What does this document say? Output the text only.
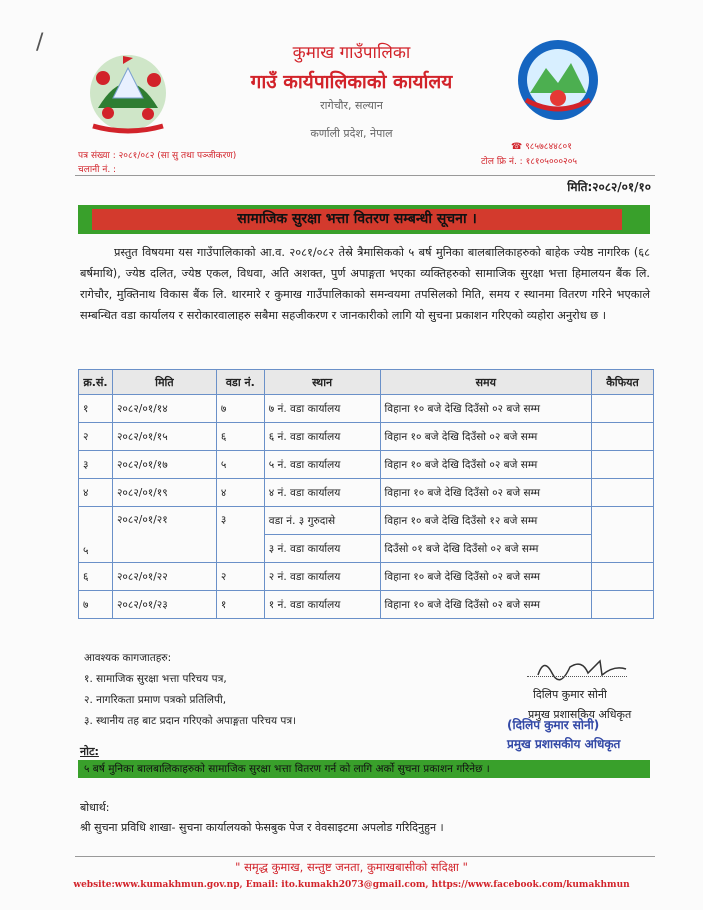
/	कुमाख गाउँपालिका
गाउँ कार्यपालिकाको कार्यालय
रागेचौर, सल्यान
कर्णाली प्रदेश, नेपाल
☎ ९८५७८४४८०१
टोल फ्रि नं. : १८१०५०००२०५
पत्र संख्या : २०८१/०८२ (सा सु तथा पञ्जीकरण)
चलानी नं. :
मिति:२०८२/०१/१०
सामाजिक सुरक्षा भत्ता वितरण सम्बन्धी सूचना ।
प्रस्तुत विषयमा यस गाउँपालिकाको आ.व. २०८१/०८२ तेस्रे त्रैमासिकको ५ बर्ष मुनिका बालबालिकाहरुको बाहेक ज्येष्ठ नागरिक (६८ बर्षमाथि), ज्येष्ठ दलित, ज्येष्ठ एकल, विधवा, अति अशक्त, पुर्ण अपाङ्गता भएका व्यक्तिहरुको सामाजिक सुरक्षा भत्ता हिमालयन बैंक लि. रागेचौर, मुक्तिनाथ विकास बैंक लि. थारमारे र कुमाख गाउँपालिकाको समन्वयमा तपसिलको मिति, समय र स्थानमा वितरण गरिने भएकाले सम्बन्धित वडा कार्यालय र सरोकारवालाहरु सबैमा सहजीकरण र जानकारीको लागि यो सुचना प्रकाशन गरिएको व्यहोरा अनुरोध छ ।
क्र.सं.	मिति	वडा नं.	स्थान	समय	कैफियत
१	२०८२/०१/१४	७	७ नं. वडा कार्यालय	विहाना १० बजे देखि दिउँसो ०२ बजे सम्म	
२	२०८२/०१/१५	६	६ नं. वडा कार्यालय	विहान १० बजे देखि दिउँसो ०२ बजे सम्म	
३	२०८२/०१/१७	५	५ नं. वडा कार्यालय	विहान १० बजे देखि दिउँसो ०२ बजे सम्म	
४	२०८२/०१/१९	४	४ नं. वडा कार्यालय	विहाना १० बजे देखि दिउँसो ०२ बजे सम्म	
५	२०८२/०१/२१	३	वडा नं. ३ गुरुदासे	विहान १० बजे देखि दिउँसो १२ बजे सम्म	
			३ नं. वडा कार्यालय	दिउँसो ०१ बजे देखि दिउँसो ०२ बजे सम्म	
६	२०८२/०१/२२	२	२ नं. वडा कार्यालय	विहाना १० बजे देखि दिउँसो ०२ बजे सम्म	
७	२०८२/०१/२३	१	१ नं. वडा कार्यालय	विहाना १० बजे देखि दिउँसो ०२ बजे सम्म	
आवश्यक कागजातहरु:
१. सामाजिक सुरक्षा भत्ता परिचय पत्र,
२. नागरिकता प्रमाण पत्रको प्रतिलिपी,
३. स्थानीय तह बाट प्रदान गरिएको अपाङ्गता परिचय पत्र।
दिलिप कुमार सोनी
प्रमुख प्रशासकिय अधिकृत
(दिलिप कुमार सोनी)
प्रमुख प्रशासकीय अधिकृत
नोट:
५ बर्ष मुनिका बालबालिकाहरुको सामाजिक सुरक्षा भत्ता वितरण गर्न को लागि अर्को सुचना प्रकाशन गरिनेछ ।
बोधार्थ:
श्री सुचना प्रविधि शाखा- सुचना कार्यालयको फेसबुक पेज र वेवसाइटमा अपलोड गरिदिनुहुन ।
" समृद्ध कुमाख, सन्तुष्ट जनता, कुमाखबासीको सदिक्षा "
website:www.kumakhmun.gov.np, Email: ito.kumakh2073@gmail.com, https://www.facebook.com/kumakhmun
